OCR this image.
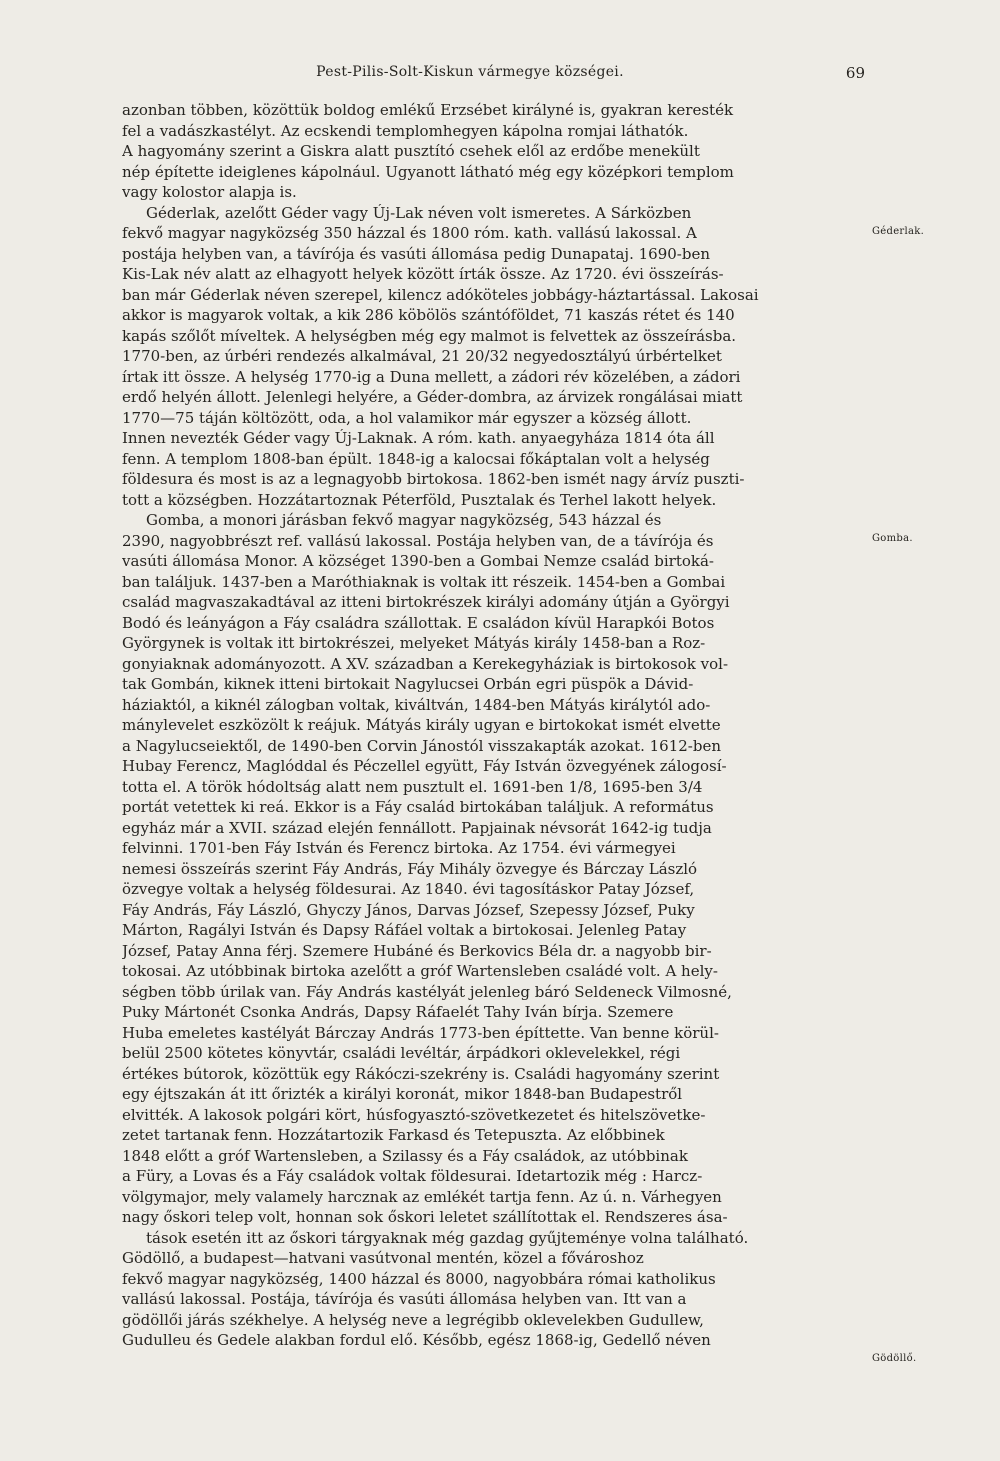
Pest-Pilis-Solt-Kiskun vármegye községei.	69
azonban többen, közöttük boldog emlékű Erzsébet királyné is, gyakran keresték
fel a vadászkastélyt. Az ecskendi templomhegyen kápolna romjai láthatók.
A hagyomány szerint a Giskra alatt pusztító csehek elől az erdőbe menekült
nép építette ideiglenes kápolnául. Ugyanott látható még egy középkori templom
vagy kolostor alapja is.
Géderlak, azelőtt Géder vagy Új-Lak néven volt ismeretes. A Sárközben
fekvő magyar nagyközség 350 házzal és 1800 róm. kath. vallású lakossal. A
postája helyben van, a távírója és vasúti állomása pedig Dunapataj. 1690-ben
Kis-Lak név alatt az elhagyott helyek között írták össze. Az 1720. évi összeírás-
ban már Géderlak néven szerepel, kilencz adóköteles jobbágy-háztartással. Lakosai
akkor is magyarok voltak, a kik 286 köbölös szántóföldet, 71 kaszás rétet és 140
kapás szőlőt míveltek. A helységben még egy malmot is felvettek az összeírásba.
1770-ben, az úrbéri rendezés alkalmával, 21 20/32 negyedosztályú úrbértelket
írtak itt össze. A helység 1770-ig a Duna mellett, a zádori rév közelében, a zádori
erdő helyén állott. Jelenlegi helyére, a Géder-dombra, az árvizek rongálásai miatt
1770—75 táján költözött, oda, a hol valamikor már egyszer a község állott.
Innen nevezték Géder vagy Új-Laknak. A róm. kath. anyaegyháza 1814 óta áll
fenn. A templom 1808-ban épült. 1848-ig a kalocsai főkáptalan volt a helység
földesura és most is az a legnagyobb birtokosa. 1862-ben ismét nagy árvíz puszti-
tott a községben. Hozzátartoznak Péterföld, Pusztalak és Terhel lakott helyek.
Gomba, a monori járásban fekvő magyar nagyközség, 543 házzal és
2390, nagyobbrészt ref. vallású lakossal. Postája helyben van, de a távírója és
vasúti állomása Monor. A községet 1390-ben a Gombai Nemze család birtoká-
ban találjuk. 1437-ben a Maróthiaknak is voltak itt részeik. 1454-ben a Gombai
család magvaszakadtával az itteni birtokrészek királyi adomány útján a Györgyi
Bodó és leányágon a Fáy családra szállottak. E családon kívül Harapkói Botos
Györgynek is voltak itt birtokrészei, melyeket Mátyás király 1458-ban a Roz-
gonyiaknak adományozott. A XV. században a Kerekegyháziak is birtokosok vol-
tak Gombán, kiknek itteni birtokait Nagylucsei Orbán egri püspök a Dávid-
háziaktól, a kiknél zálogban voltak, kiváltván, 1484-ben Mátyás királytól ado-
mánylevelet eszközölt k reájuk. Mátyás király ugyan e birtokokat ismét elvette
a Nagylucseiektől, de 1490-ben Corvin Jánostól visszakapták azokat. 1612-ben
Hubay Ferencz, Maglóddal és Péczellel együtt, Fáy István özvegyének zálogosí-
totta el. A török hódoltság alatt nem pusztult el. 1691-ben 1/8, 1695-ben 3/4
portát vetettek ki reá. Ekkor is a Fáy család birtokában találjuk. A református
egyház már a XVII. század elején fennállott. Papjainak névsorát 1642-ig tudja
felvinni. 1701-ben Fáy István és Ferencz birtoka. Az 1754. évi vármegyei
nemesi összeírás szerint Fáy András, Fáy Mihály özvegye és Bárczay László
özvegye voltak a helység földesurai. Az 1840. évi tagosításkor Patay József,
Fáy András, Fáy László, Ghyczy János, Darvas József, Szepessy József, Puky
Márton, Ragályi István és Dapsy Ráfáel voltak a birtokosai. Jelenleg Patay
József, Patay Anna férj. Szemere Hubáné és Berkovics Béla dr. a nagyobb bir-
tokosai. Az utóbbinak birtoka azelőtt a gróf Wartensleben családé volt. A hely-
ségben több úrilak van. Fáy András kastélyát jelenleg báró Seldeneck Vilmosné,
Puky Mártonét Csonka András, Dapsy Ráfaelét Tahy Iván bírja. Szemere
Huba emeletes kastélyát Bárczay András 1773-ben építtette. Van benne körül-
belül 2500 kötetes könyvtár, családi levéltár, árpádkori oklevelekkel, régi
értékes bútorok, közöttük egy Rákóczi-szekrény is. Családi hagyomány szerint
egy éjtszakán át itt őrizték a királyi koronát, mikor 1848-ban Budapestről
elvitték. A lakosok polgári kört, húsfogyasztó-szövetkezetet és hitelszövetke-
zetet tartanak fenn. Hozzátartozik Farkasd és Tetepuszta. Az előbbinek
1848 előtt a gróf Wartensleben, a Szilassy és a Fáy családok, az utóbbinak
a Füry, a Lovas és a Fáy családok voltak földesurai. Idetartozik még : Harcz-
völgymajor, mely valamely harcznak az emlékét tartja fenn. Az ú. n. Várhegyen
nagy őskori telep volt, honnan sok őskori leletet szállítottak el. Rendszeres ása-
tások esetén itt az őskori tárgyaknak még gazdag gyűjteménye volna található.
Gödöllő, a budapest—hatvani vasútvonal mentén, közel a fővároshoz
fekvő magyar nagyközség, 1400 házzal és 8000, nagyobbára római katholikus
vallású lakossal. Postája, távírója és vasúti állomása helyben van. Itt van a
gödöllői járás székhelye. A helység neve a legrégibb oklevelekben Gudullew,
Gudulleu és Gedele alakban fordul elő. Később, egész 1868-ig, Gedellő néven
Géderlak.
Gomba.
Gödöllő.
